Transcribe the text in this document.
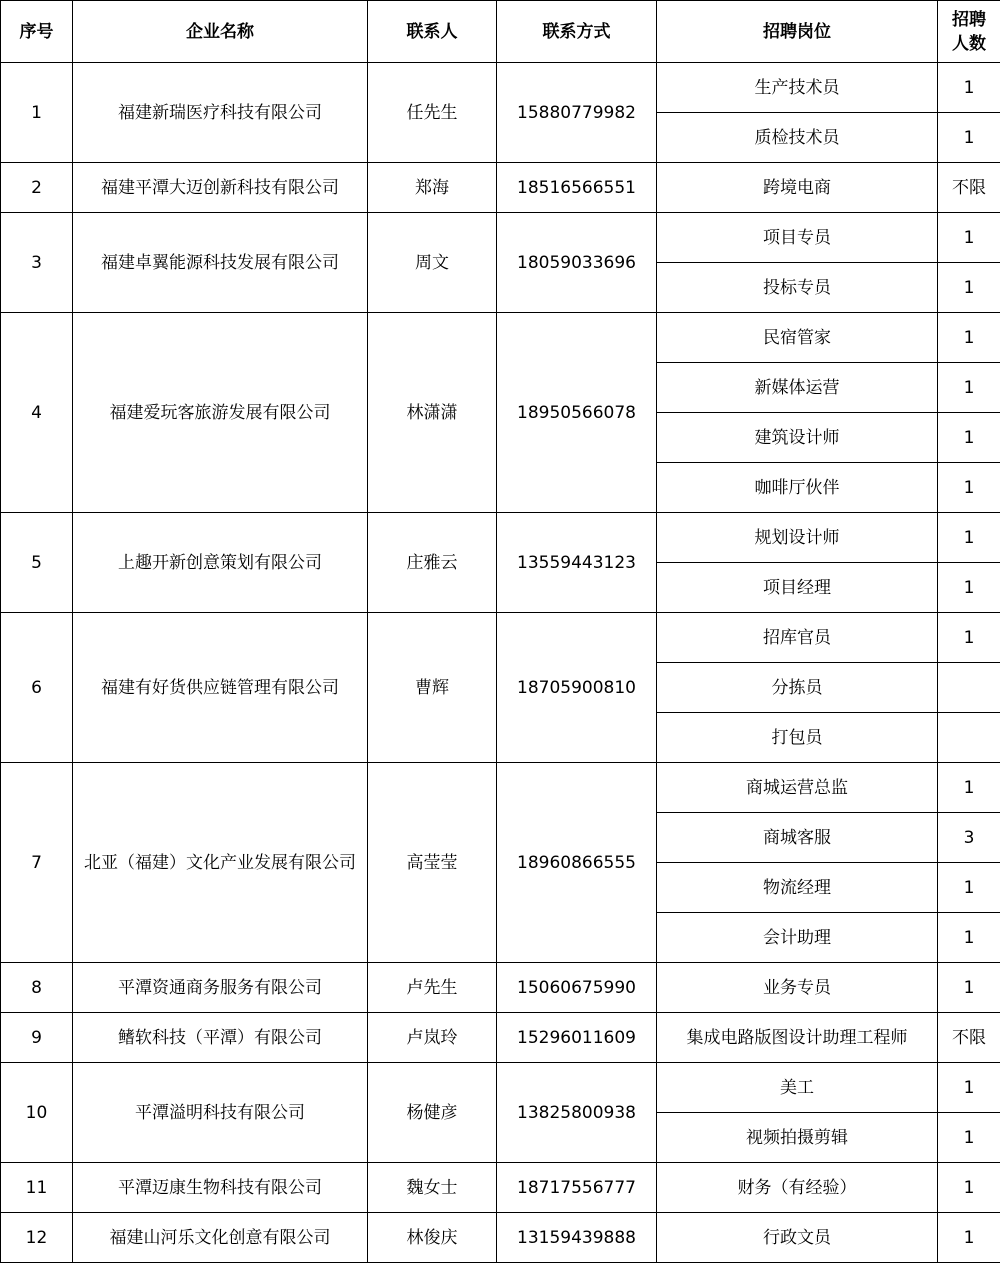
序号	企业名称	联系人	联系方式	招聘岗位	招聘
人数
1	福建新瑞医疗科技有限公司	任先生	15880779982	生产技术员	1
				质检技术员	1
2	福建平潭大迈创新科技有限公司	郑海	18516566551	跨境电商	不限
3	福建卓翼能源科技发展有限公司	周文	18059033696	项目专员	1
				投标专员	1
4	福建爱玩客旅游发展有限公司	林潇潇	18950566078	民宿管家	1
				新媒体运营	1
				建筑设计师	1
				咖啡厅伙伴	1
5	上趣开新创意策划有限公司	庄雅云	13559443123	规划设计师	1
				项目经理	1
6	福建有好货供应链管理有限公司	曹辉	18705900810	招库官员	1
				分拣员	
				打包员	
7	北亚（福建）文化产业发展有限公司	高莹莹	18960866555	商城运营总监	1
				商城客服	3
				物流经理	1
				会计助理	1
8	平潭资通商务服务有限公司	卢先生	15060675990	业务专员	1
9	鳍软科技（平潭）有限公司	卢岚玲	15296011609	集成电路版图设计助理工程师	不限
10	平潭溢明科技有限公司	杨健彦	13825800938	美工	1
				视频拍摄剪辑	1
11	平潭迈康生物科技有限公司	魏女士	18717556777	财务（有经验）	1
12	福建山河乐文化创意有限公司	林俊庆	13159439888	行政文员	1
